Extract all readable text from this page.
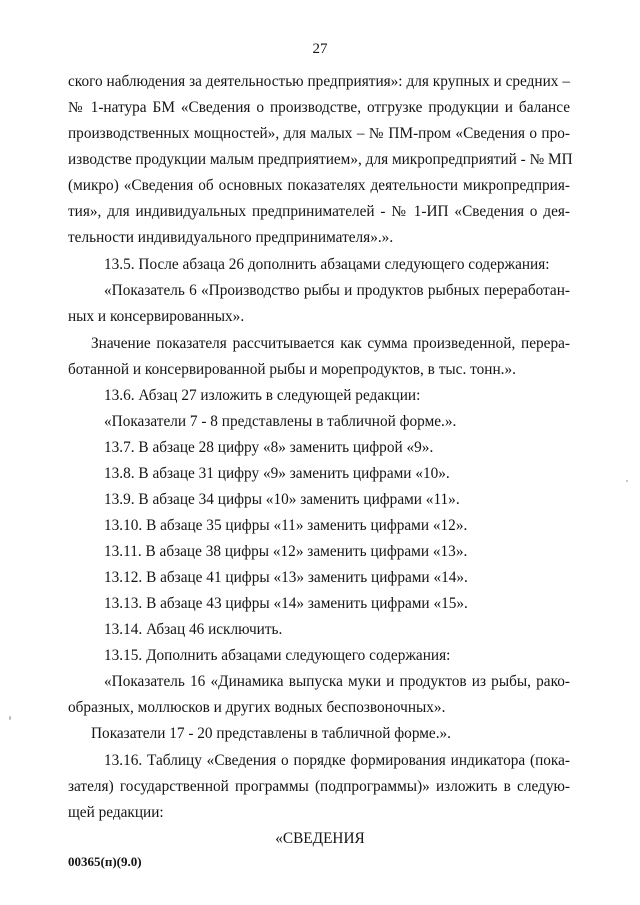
27
ского наблюдения за деятельностью предприятия»: для крупных и средних –
№ 1-натура БМ «Сведения о производстве, отгрузке продукции и балансе
производственных мощностей», для малых – № ПМ-пром «Сведения о про-
изводстве продукции малым предприятием», для микропредприятий - № МП
(микро) «Сведения об основных показателях деятельности микропредприя-
тия», для индивидуальных предпринимателей - № 1-ИП «Сведения о дея-
тельности индивидуального предпринимателя».».
13.5. После абзаца 26 дополнить абзацами следующего содержания:
«Показатель 6 «Производство рыбы и продуктов рыбных переработан-
ных и консервированных».
Значение показателя рассчитывается как сумма произведенной, перера-
ботанной и консервированной рыбы и морепродуктов, в тыс. тонн.».
13.6. Абзац 27 изложить в следующей редакции:
«Показатели 7 - 8 представлены в табличной форме.».
13.7. В абзаце 28 цифру «8» заменить цифрой «9».
13.8. В абзаце 31 цифру «9» заменить цифрами «10».
13.9. В абзаце 34 цифры «10» заменить цифрами «11».
13.10. В абзаце 35 цифры «11» заменить цифрами «12».
13.11. В абзаце 38 цифры «12» заменить цифрами «13».
13.12. В абзаце 41 цифры «13» заменить цифрами «14».
13.13. В абзаце 43 цифры «14» заменить цифрами «15».
13.14. Абзац 46 исключить.
13.15. Дополнить абзацами следующего содержания:
«Показатель 16 «Динамика выпуска муки и продуктов из рыбы, рако-
образных, моллюсков и других водных беспозвоночных».
Показатели 17 - 20 представлены в табличной форме.».
13.16. Таблицу «Сведения о порядке формирования индикатора (пока-
зателя) государственной программы (подпрограммы)» изложить в следую-
щей редакции:
«СВЕДЕНИЯ
00365(п)(9.0)
